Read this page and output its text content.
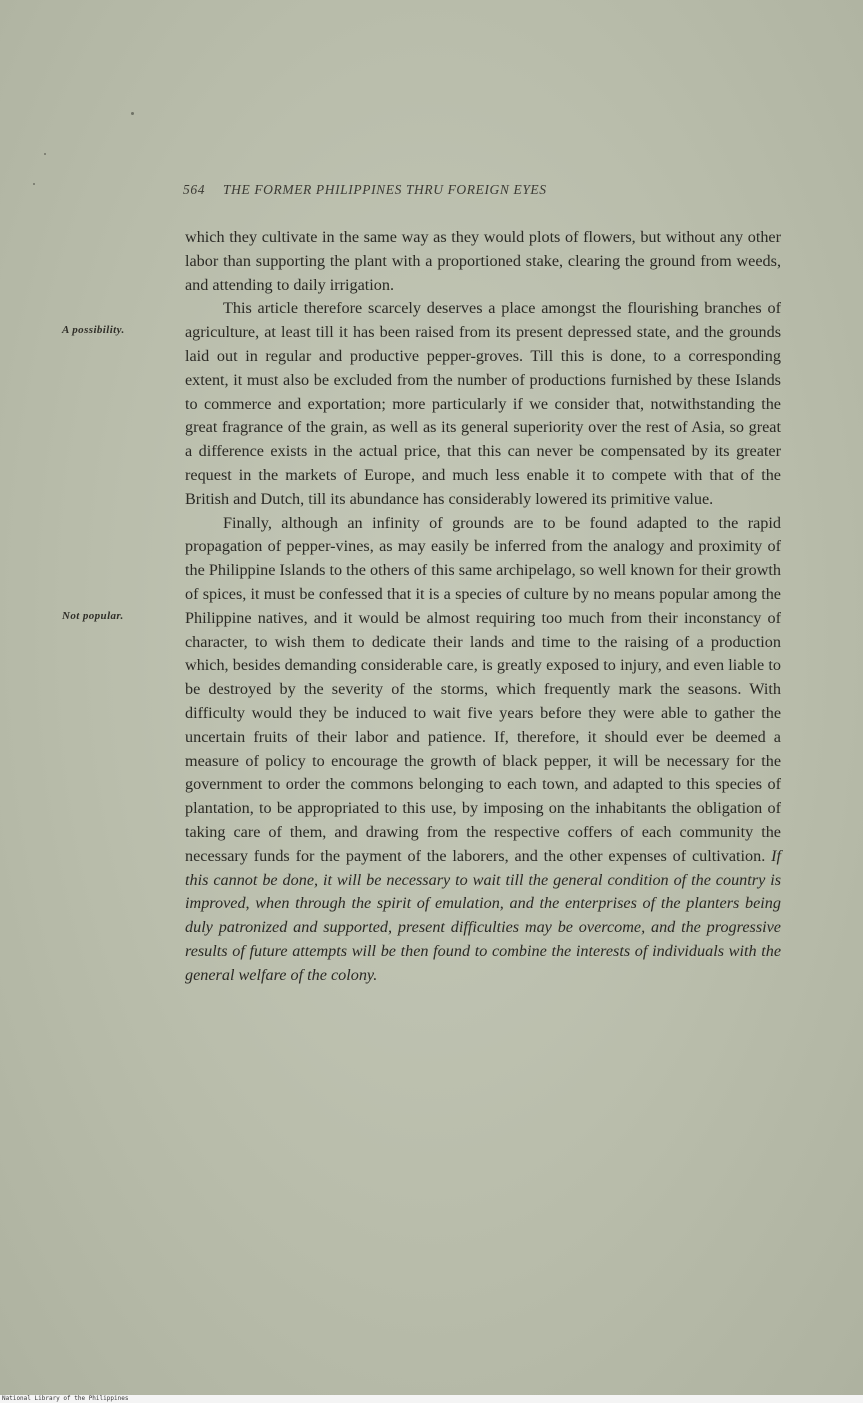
564 THE FORMER PHILIPPINES THRU FOREIGN EYES
A possibility.
Not popular.

which they cultivate in the same way as they would plots of flowers, but without any other labor than supporting the plant with a proportioned stake, clearing the ground from weeds, and attending to daily irrigation.

This article therefore scarcely deserves a place amongst the flourishing branches of agriculture, at least till it has been raised from its present depressed state, and the grounds laid out in regular and productive pepper-groves. Till this is done, to a corresponding extent, it must also be excluded from the number of productions furnished by these Islands to commerce and exportation; more particularly if we consider that, notwithstanding the great fragrance of the grain, as well as its general superiority over the rest of Asia, so great a difference exists in the actual price, that this can never be compensated by its greater request in the markets of Europe, and much less enable it to compete with that of the British and Dutch, till its abundance has considerably lowered its primitive value.

Finally, although an infinity of grounds are to be found adapted to the rapid propagation of pepper-vines, as may easily be inferred from the analogy and proximity of the Philippine Islands to the others of this same archipelago, so well known for their growth of spices, it must be confessed that it is a species of culture by no means popular among the Philippine natives, and it would be almost requiring too much from their inconstancy of character, to wish them to dedicate their lands and time to the raising of a production which, besides demanding considerable care, is greatly exposed to injury, and even liable to be destroyed by the severity of the storms, which frequently mark the seasons. With difficulty would they be induced to wait five years before they were able to gather the uncertain fruits of their labor and patience. If, therefore, it should ever be deemed a measure of policy to encourage the growth of black pepper, it will be necessary for the government to order the commons belonging to each town, and adapted to this species of plantation, to be appropriated to this use, by imposing on the inhabitants the obligation of taking care of them, and drawing from the respective coffers of each community the necessary funds for the payment of the laborers, and the other expenses of cultivation. If this cannot be done, it will be necessary to wait till the general condition of the country is improved, when through the spirit of emulation, and the enterprises of the planters being duly patronized and supported, present difficulties may be overcome, and the progressive results of future attempts will be then found to combine the interests of individuals with the general welfare of the colony.

National Library of the Philippines
